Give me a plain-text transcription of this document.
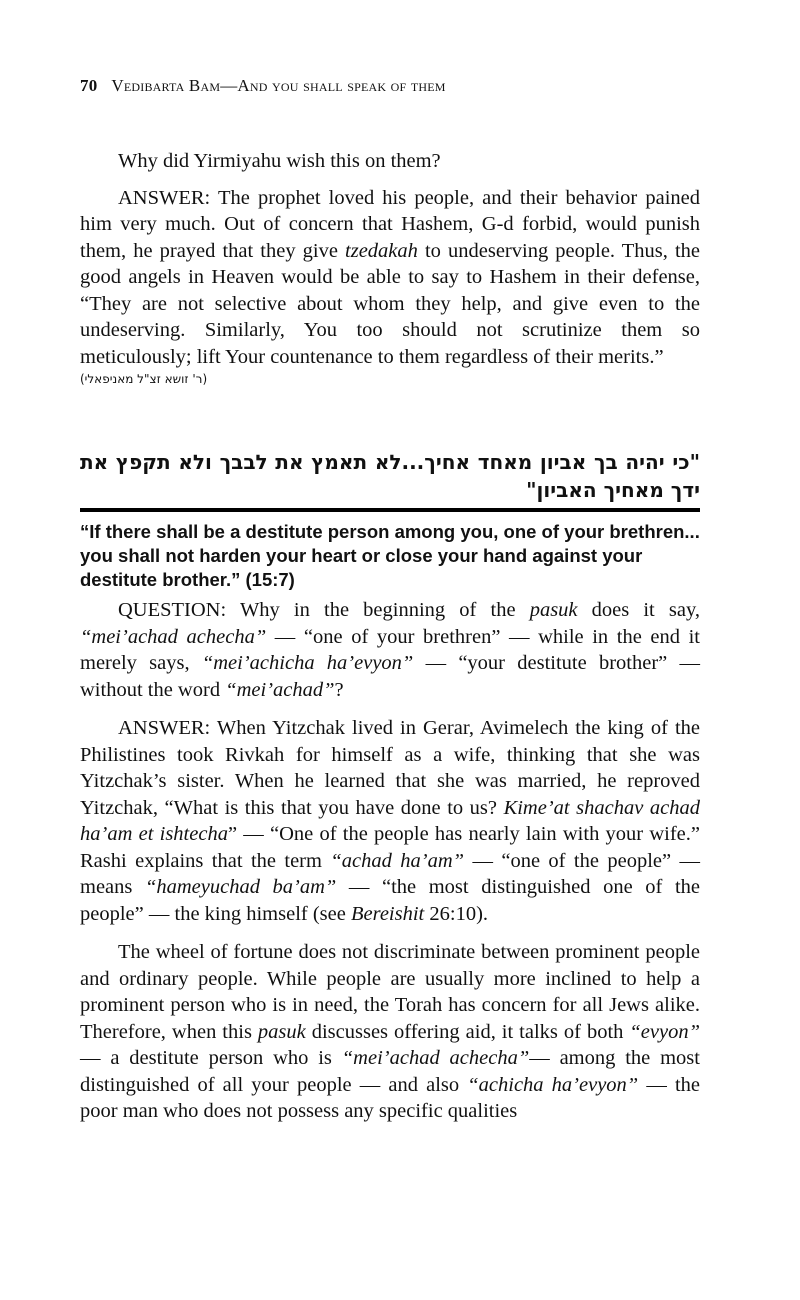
70 Vedibarta Bam—And you shall speak of them

Why did Yirmiyahu wish this on them?

ANSWER: The prophet loved his people, and their behavior pained him very much. Out of concern that Hashem, G-d forbid, would punish them, he prayed that they give tzedakah to undeserving people. Thus, the good angels in Heaven would be able to say to Hashem in their defense, “They are not selective about whom they help, and give even to the undeserving. Similarly, You too should not scrutinize them so meticulously; lift Your countenance to them regardless of their merits.”

(ר' זושא זצ"ל מאניפאלי)
"כי יהיה בך אביון מאחד אחיך...לא תאמץ את לבבך ולא תקפץ את ידך מאחיך האביון"
“If there shall be a destitute person among you, one of your brethren... you shall not harden your heart or close your hand against your destitute brother.” (15:7)

QUESTION: Why in the beginning of the pasuk does it say, “mei’achad achecha” — “one of your brethren” — while in the end it merely says, “mei’achicha ha’evyon” — “your destitute brother” — without the word “mei’achad”?

ANSWER: When Yitzchak lived in Gerar, Avimelech the king of the Philistines took Rivkah for himself as a wife, thinking that she was Yitzchak’s sister. When he learned that she was married, he reproved Yitzchak, “What is this that you have done to us? Kime’at shachav achad ha’am et ishtecha” — “One of the people has nearly lain with your wife.” Rashi explains that the term “achad ha’am” — “one of the people” — means “hameyuchad ba’am” — “the most distinguished one of the people” — the king himself (see Bereishit 26:10).

The wheel of fortune does not discriminate between prominent people and ordinary people. While people are usually more inclined to help a prominent person who is in need, the Torah has concern for all Jews alike. Therefore, when this pasuk discusses offering aid, it talks of both “evyon” — a destitute person who is “mei’achad achecha”— among the most distinguished of all your people — and also “achicha ha’evyon” — the poor man who does not possess any specific qualities
